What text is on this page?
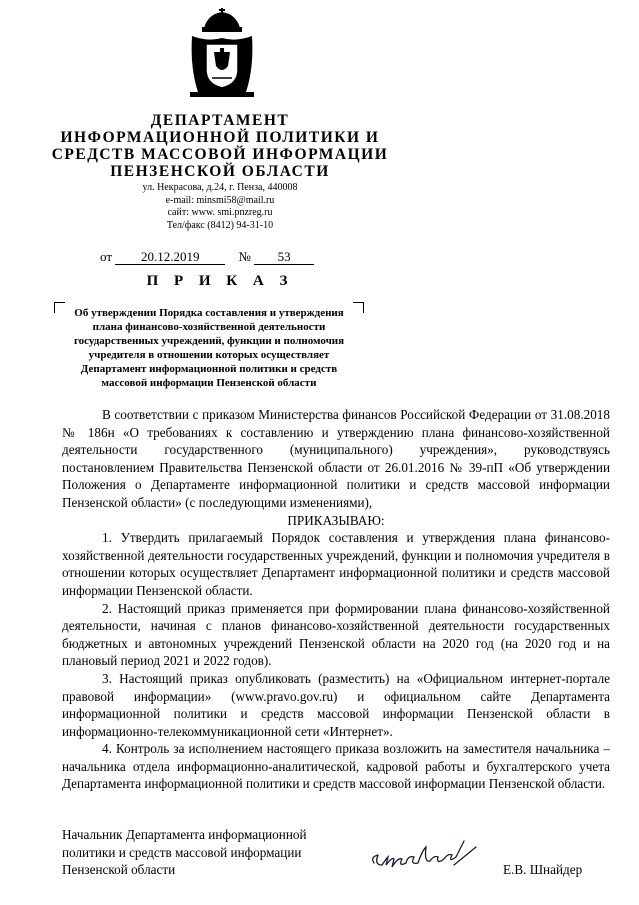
ДЕПАРТАМЕНТ
ИНФОРМАЦИОННОЙ ПОЛИТИКИ И
СРЕДСТВ МАССОВОЙ ИНФОРМАЦИИ
ПЕНЗЕНСКОЙ ОБЛАСТИ
ул. Некрасова, д.24, г. Пенза, 440008
e-mail: minsmi58@mail.ru
сайт: www. smi.pnzreg.ru
Тел/факс (8412) 94-31-10
от 20.12.2019	№ 53
П Р И К А З
Об утверждении Порядка составления и утверждения
плана финансово-хозяйственной деятельности
государственных учреждений, функции и полномочия
учредителя в отношении которых осуществляет
Департамент информационной политики и средств
массовой информации Пензенской области

В соответствии с приказом Министерства финансов Российской Федерации от 31.08.2018 № 186н «О требованиях к составлению и утверждению плана финансово-хозяйственной деятельности государственного (муниципального) учреждения», руководствуясь постановлением Правительства Пензенской области от 26.01.2016 № 39-пП «Об утверждении Положения о Департаменте информационной политики и средств массовой информации Пензенской области» (с последующими изменениями),

ПРИКАЗЫВАЮ:

1. Утвердить прилагаемый Порядок составления и утверждения плана финансово-хозяйственной деятельности государственных учреждений, функции и полномочия учредителя в отношении которых осуществляет Департамент информационной политики и средств массовой информации Пензенской области.

2. Настоящий приказ применяется при формировании плана финансово-хозяйственной деятельности, начиная с планов финансово-хозяйственной деятельности государственных бюджетных и автономных учреждений Пензенской области на 2020 год (на 2020 год и на плановый период 2021 и 2022 годов).

3. Настоящий приказ опубликовать (разместить) на «Официальном интернет-портале правовой информации» (www.pravo.gov.ru) и официальном сайте Департамента информационной политики и средств массовой информации Пензенской области в информационно-телекоммуникационной сети «Интернет».

4. Контроль за исполнением настоящего приказа возложить на заместителя начальника – начальника отдела информационно-аналитической, кадровой работы и бухгалтерского учета Департамента информационной политики и средств массовой информации Пензенской области.

Начальник Департамента информационной
политики и средств массовой информации
Пензенской области	Е.В. Шнайдер
